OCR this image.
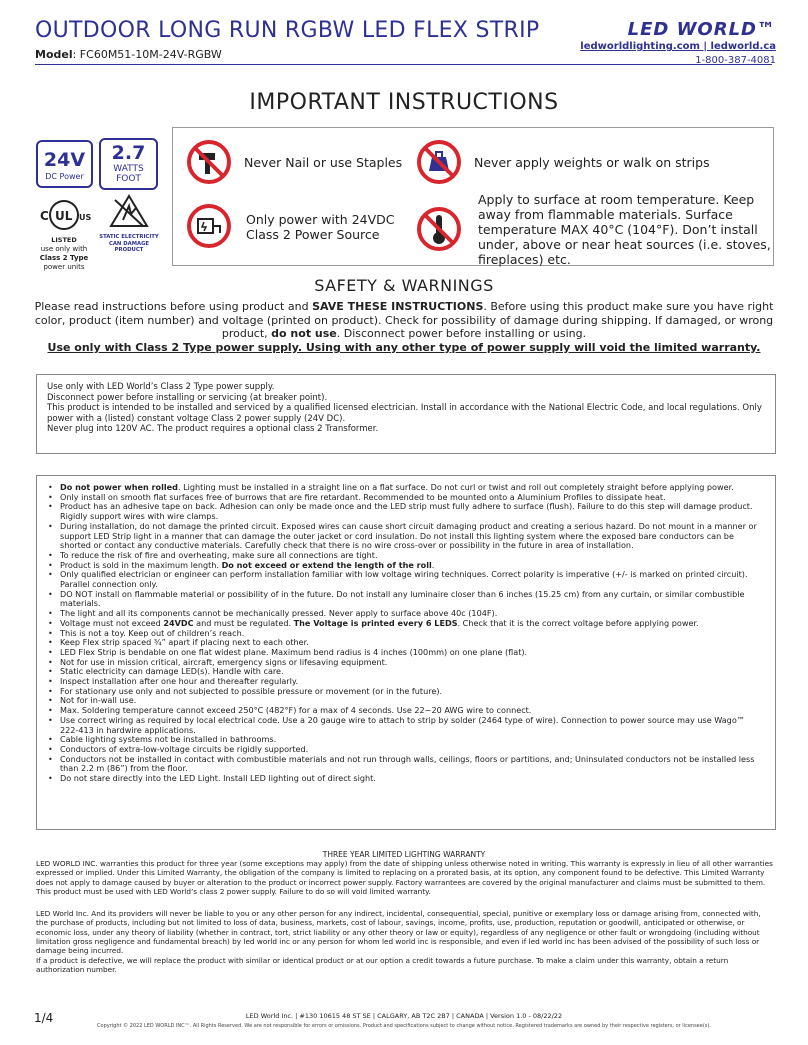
OUTDOOR LONG RUN RGBW LED FLEX STRIP
Model: FC60M51-10M-24V-RGBW
LED WORLD™
ledworldlighting.com | ledworld.ca
1-800-387-4081
IMPORTANT INSTRUCTIONS
24V
DC Power
2.7
WATTS
FOOT
C UL US
LISTED
use only with
Class 2 Type
power units
STATIC ELECTRICITY CAN DAMAGE PRODUCT
Never Nail or use Staples	Never apply weights or walk on strips
Only power with 24VDC Class 2 Power Source
Apply to surface at room temperature. Keep away from flammable materials. Surface temperature MAX 40°C (104°F). Don’t install under, above or near heat sources (i.e. stoves, fireplaces) etc.
SAFETY & WARNINGS
Please read instructions before using product and SAVE THESE INSTRUCTIONS. Before using this product make sure you have right color, product (item number) and voltage (printed on product). Check for possibility of damage during shipping. If damaged, or wrong product, do not use. Disconnect power before installing or using.
Use only with Class 2 Type power supply. Using with any other type of power supply will void the limited warranty.
Use only with LED World’s Class 2 Type power supply.
Disconnect power before installing or servicing (at breaker point).
This product is intended to be installed and serviced by a qualified licensed electrician. Install in accordance with the National Electric Code, and local regulations. Only power with a (listed) constant voltage Class 2 power supply (24V DC).
Never plug into 120V AC. The product requires a optional class 2 Transformer.
• Do not power when rolled. Lighting must be installed in a straight line on a flat surface. Do not curl or twist and roll out completely straight before applying power.
• Only install on smooth flat surfaces free of burrows that are fire retardant. Recommended to be mounted onto a Aluminium Profiles to dissipate heat.
• Product has an adhesive tape on back. Adhesion can only be made once and the LED strip must fully adhere to surface (flush). Failure to do this step will damage product. Rigidly support wires with wire clamps.
• During installation, do not damage the printed circuit. Exposed wires can cause short circuit damaging product and creating a serious hazard. Do not mount in a manner or support LED Strip light in a manner that can damage the outer jacket or cord insulation. Do not install this lighting system where the exposed bare conductors can be shorted or contact any conductive materials. Carefully check that there is no wire cross-over or possibility in the future in area of installation.
• To reduce the risk of fire and overheating, make sure all connections are tight.
• Product is sold in the maximum length. Do not exceed or extend the length of the roll.
• Only qualified electrician or engineer can perform installation familiar with low voltage wiring techniques. Correct polarity is imperative (+/- is marked on printed circuit). Parallel connection only.
• DO NOT install on flammable material or possibility of in the future. Do not install any luminaire closer than 6 inches (15.25 cm) from any curtain, or similar combustible materials.
• The light and all its components cannot be mechanically pressed. Never apply to surface above 40c (104F).
• Voltage must not exceed 24VDC and must be regulated. The Voltage is printed every 6 LEDS. Check that it is the correct voltage before applying power.
• This is not a toy. Keep out of children’s reach.
• Keep Flex strip spaced ¾” apart if placing next to each other.
• LED Flex Strip is bendable on one flat widest plane. Maximum bend radius is 4 inches (100mm) on one plane (flat).
• Not for use in mission critical, aircraft, emergency signs or lifesaving equipment.
• Static electricity can damage LED(s). Handle with care.
• Inspect installation after one hour and thereafter regularly.
• For stationary use only and not subjected to possible pressure or movement (or in the future).
• Not for in-wall use.
• Max. Soldering temperature cannot exceed 250°C (482°F) for a max of 4 seconds. Use 22~20 AWG wire to connect.
• Use correct wiring as required by local electrical code. Use a 20 gauge wire to attach to strip by solder (2464 type of wire). Connection to power source may use Wago™ 222-413 in hardwire applications.
• Cable lighting systems not be installed in bathrooms.
• Conductors of extra-low-voltage circuits be rigidly supported.
• Conductors not be installed in contact with combustible materials and not run through walls, ceilings, floors or partitions, and; Uninsulated conductors not be installed less than 2.2 m (86”) from the floor.
• Do not stare directly into the LED Light. Install LED lighting out of direct sight.
THREE YEAR LIMITED LIGHTING WARRANTY
LED WORLD INC. warranties this product for three year (some exceptions may apply) from the date of shipping unless otherwise noted in writing. This warranty is expressly in lieu of all other warranties expressed or implied. Under this Limited Warranty, the obligation of the company is limited to replacing on a prorated basis, at its option, any component found to be defective. This Limited Warranty does not apply to damage caused by buyer or alteration to the product or incorrect power supply. Factory warrantees are covered by the original manufacturer and claims must be submitted to them. This product must be used with LED World’s class 2 power supply. Failure to do so will void limited warranty.
LED World Inc. And its providers will never be liable to you or any other person for any indirect, incidental, consequential, special, punitive or exemplary loss or damage arising from, connected with, the purchase of products, including but not limited to loss of data, business, markets, cost of labour, savings, income, profits, use, production, reputation or goodwill, anticipated or otherwise, or economic loss, under any theory of liability (whether in contract, tort, strict liability or any other theory or law or equity), regardless of any negligence or other fault or wrongdoing (including without limitation gross negligence and fundamental breach) by led world inc or any person for whom led world inc is responsible, and even if led world inc has been advised of the possibility of such loss or damage being incurred.
If a product is defective, we will replace the product with similar or identical product or at our option a credit towards a future purchase. To make a claim under this warranty, obtain a return authorization number.
1/4	LED World Inc. | #130 10615 48 ST SE | CALGARY, AB T2C 2B7 | CANADA | Version 1.0 - 08/22/22
Copyright © 2022 LED WORLD INC™. All Rights Reserved. We are not responsible for errors or omissions. Product and specifications subject to change without notice. Registered trademarks are owned by their respective registers, or licensee(s).
